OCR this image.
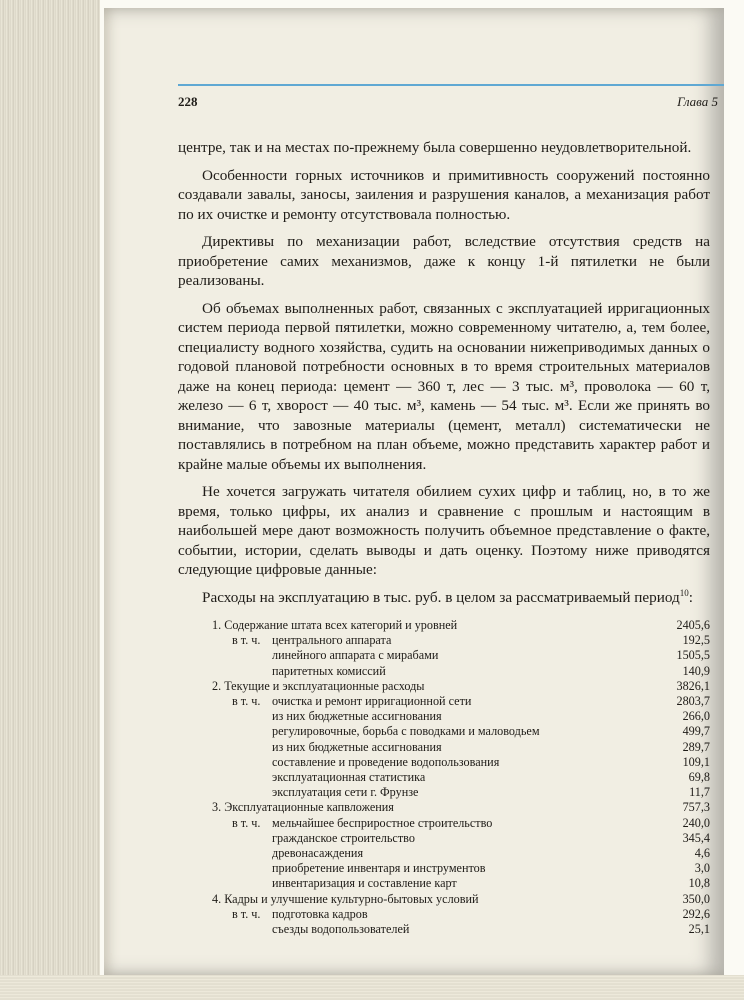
228	Глава 5

центре, так и на местах по-прежнему была совершенно неудовлетворительной.

Особенности горных источников и примитивность сооружений постоянно создавали завалы, заносы, заиления и разрушения каналов, а механизация работ по их очистке и ремонту отсутствовала полностью.

Директивы по механизации работ, вследствие отсутствия средств на приобретение самих механизмов, даже к концу 1-й пятилетки не были реализованы.

Об объемах выполненных работ, связанных с эксплуатацией ирригационных систем периода первой пятилетки, можно современному читателю, а, тем более, специалисту водного хозяйства, судить на основании нижеприводимых данных о годовой плановой потребности основных в то время строительных материалов даже на конец периода: цемент — 360 т, лес — 3 тыс. м³, проволока — 60 т, железо — 6 т, хворост — 40 тыс. м³, камень — 54 тыс. м³. Если же принять во внимание, что завозные материалы (цемент, металл) систематически не поставлялись в потребном на план объеме, можно представить характер работ и крайне малые объемы их выполнения.

Не хочется загружать читателя обилием сухих цифр и таблиц, но, в то же время, только цифры, их анализ и сравнение с прошлым и настоящим в наибольшей мере дают возможность получить объемное представление о факте, событии, истории, сделать выводы и дать оценку. Поэтому ниже приводятся следующие цифровые данные:

Расходы на эксплуатацию в тыс. руб. в целом за рассматриваемый период$^{10}$:

1. Содержание штата всех категорий и уровней	2405,6
в т. ч. центрального аппарата	192,5
линейного аппарата с мирабами	1505,5
паритетных комиссий	140,9
2. Текущие и эксплуатационные расходы	3826,1
в т. ч. очистка и ремонт ирригационной сети	2803,7
из них бюджетные ассигнования	266,0
регулировочные, борьба с поводками и маловодьем	499,7
из них бюджетные ассигнования	289,7
составление и проведение водопользования	109,1
эксплуатационная статистика	69,8
эксплуатация сети г. Фрунзе	11,7
3. Эксплуатационные капвложения	757,3
в т. ч. мельчайшее бесприростное строительство	240,0
гражданское строительство	345,4
древонасаждения	4,6
приобретение инвентаря и инструментов	3,0
инвентаризация и составление карт	10,8
4. Кадры и улучшение культурно-бытовых условий	350,0
в т. ч. подготовка кадров	292,6
съезды водопользователей	25,1
